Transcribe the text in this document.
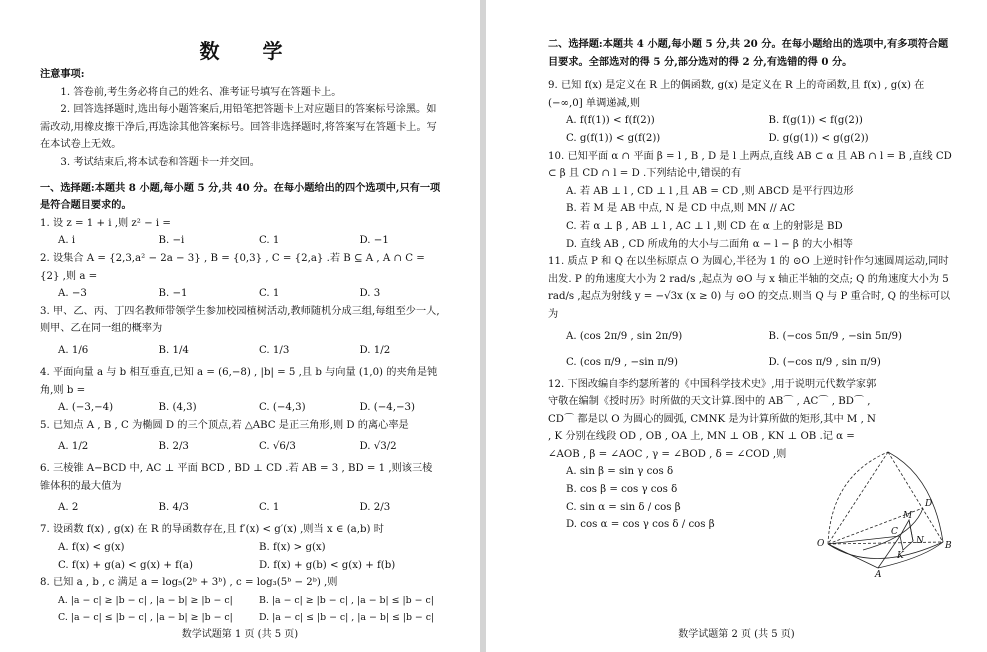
数 学
注意事项:
1. 答卷前,考生务必将自己的姓名、准考证号填写在答题卡上。
2. 回答选择题时,选出每小题答案后,用铅笔把答题卡上对应题目的答案标号涂黑。如需改动,用橡皮擦干净后,再选涂其他答案标号。回答非选择题时,将答案写在答题卡上。写在本试卷上无效。
3. 考试结束后,将本试卷和答题卡一并交回。
一、选择题:本题共 8 小题,每小题 5 分,共 40 分。在每小题给出的四个选项中,只有一项是符合题目要求的。
1. 设 z = 1 + i ,则 z² − i =
A. i	B. −i	C. 1	D. −1
2. 设集合 A = {2,3,a² − 2a − 3} , B = {0,3} , C = {2,a} .若 B ⊆ A , A ∩ C = {2} ,则 a =
A. −3	B. −1	C. 1	D. 3
3. 甲、乙、丙、丁四名教师带领学生参加校园植树活动,教师随机分成三组,每组至少一人,则甲、乙在同一组的概率为
A. 1/6	B. 1/4	C. 1/3	D. 1/2
4. 平面向量 a 与 b 相互垂直,已知 a = (6,−8) , |b| = 5 ,且 b 与向量 (1,0) 的夹角是钝角,则 b =
A. (−3,−4)	B. (4,3)	C. (−4,3)	D. (−4,−3)
5. 已知点 A , B , C 为椭圆 D 的三个顶点,若 △ABC 是正三角形,则 D 的离心率是
A. 1/2	B. 2/3	C. √6/3	D. √3/2
6. 三棱锥 A−BCD 中, AC ⊥ 平面 BCD , BD ⊥ CD .若 AB = 3 , BD = 1 ,则该三棱锥体积的最大值为
A. 2	B. 4/3	C. 1	D. 2/3
7. 设函数 f(x) , g(x) 在 R 的导函数存在,且 f′(x) < g′(x) ,则当 x ∈ (a,b) 时
A. f(x) < g(x)	B. f(x) > g(x)
C. f(x) + g(a) < g(x) + f(a)	D. f(x) + g(b) < g(x) + f(b)
8. 已知 a , b , c 满足 a = log₅(2ᵇ + 3ᵇ) , c = log₃(5ᵇ − 2ᵇ) ,则
A. |a − c| ≥ |b − c| , |a − b| ≥ |b − c|	B. |a − c| ≥ |b − c| , |a − b| ≤ |b − c|
C. |a − c| ≤ |b − c| , |a − b| ≥ |b − c|	D. |a − c| ≤ |b − c| , |a − b| ≤ |b − c|
数学试题第 1 页 (共 5 页)
二、选择题:本题共 4 小题,每小题 5 分,共 20 分。在每小题给出的选项中,有多项符合题目要求。全部选对的得 5 分,部分选对的得 2 分,有选错的得 0 分。
9. 已知 f(x) 是定义在 R 上的偶函数, g(x) 是定义在 R 上的奇函数,且 f(x) , g(x) 在 (−∞,0] 单调递减,则
A. f(f(1)) < f(f(2))	B. f(g(1)) < f(g(2))
C. g(f(1)) < g(f(2))	D. g(g(1)) < g(g(2))
10. 已知平面 α ∩ 平面 β = l , B , D 是 l 上两点,直线 AB ⊂ α 且 AB ∩ l = B ,直线 CD ⊂ β 且 CD ∩ l = D .下列结论中,错误的有
A. 若 AB ⊥ l , CD ⊥ l ,且 AB = CD ,则 ABCD 是平行四边形
B. 若 M 是 AB 中点, N 是 CD 中点,则 MN // AC
C. 若 α ⊥ β , AB ⊥ l , AC ⊥ l ,则 CD 在 α 上的射影是 BD
D. 直线 AB , CD 所成角的大小与二面角 α − l − β 的大小相等
11. 质点 P 和 Q 在以坐标原点 O 为圆心,半径为 1 的 ⊙O 上逆时针作匀速圆周运动,同时出发. P 的角速度大小为 2 rad/s ,起点为 ⊙O 与 x 轴正半轴的交点; Q 的角速度大小为 5 rad/s ,起点为射线 y = −√3x (x ≥ 0) 与 ⊙O 的交点.则当 Q 与 P 重合时, Q 的坐标可以为
A. (cos 2π/9 , sin 2π/9)	B. (−cos 5π/9 , −sin 5π/9)
C. (cos π/9 , −sin π/9)	D. (−cos π/9 , sin π/9)
12. 下图改编自李约瑟所著的《中国科学技术史》,用于说明元代数学家郭守敬在编制《授时历》时所做的天文计算.图中的 AB⌒ , AC⌒ , BD⌒ , CD⌒ 都是以 O 为圆心的圆弧, CMNK 是为计算所做的矩形,其中 M , N , K 分别在线段 OD , OB , OA 上, MN ⊥ OB , KN ⊥ OB .记 α = ∠AOB , β = ∠AOC , γ = ∠BOD , δ = ∠COD ,则
A. sin β = sin γ cos δ
B. cos β = cos γ cos δ
C. sin α = sin δ / cos β
D. cos α = cos γ cos δ / cos β
D
M
C
N
O	B
K
A
数学试题第 2 页 (共 5 页)
